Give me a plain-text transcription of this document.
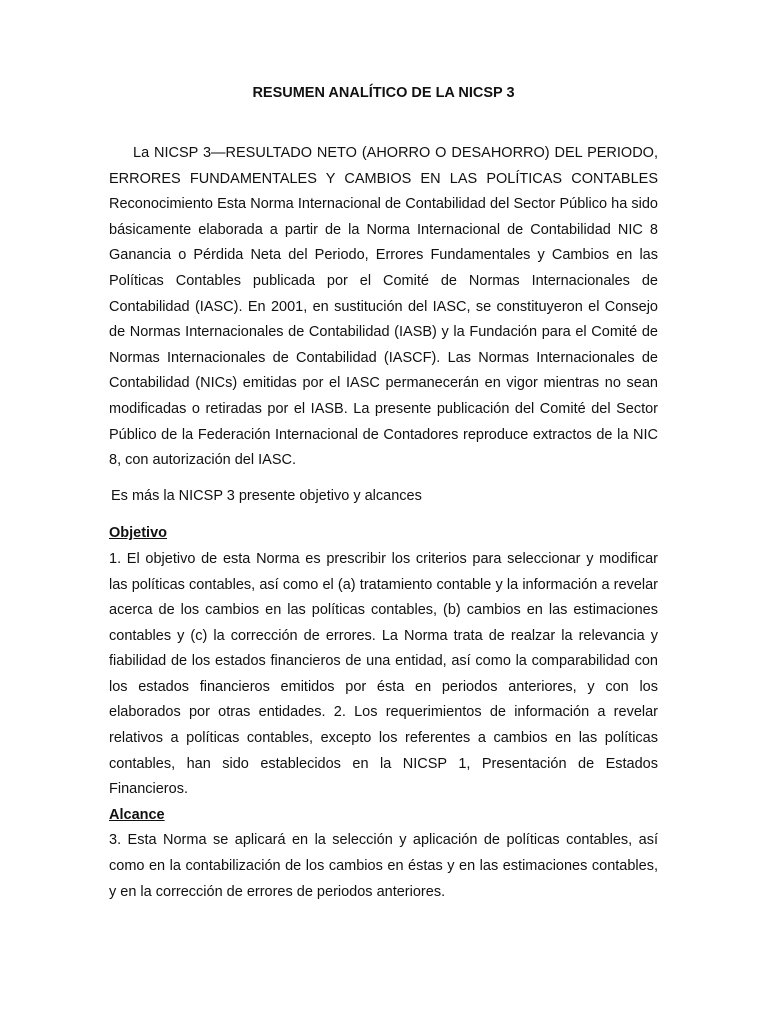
RESUMEN ANALÍTICO DE LA NICSP 3

La NICSP 3—RESULTADO NETO (AHORRO O DESAHORRO) DEL PERIODO, ERRORES FUNDAMENTALES Y CAMBIOS EN LAS POLÍTICAS CONTABLES Reconocimiento Esta Norma Internacional de Contabilidad del Sector Público ha sido básicamente elaborada a partir de la Norma Internacional de Contabilidad NIC 8 Ganancia o Pérdida Neta del Periodo, Errores Fundamentales y Cambios en las Políticas Contables publicada por el Comité de Normas Internacionales de Contabilidad (IASC). En 2001, en sustitución del IASC, se constituyeron el Consejo de Normas Internacionales de Contabilidad (IASB) y la Fundación para el Comité de Normas Internacionales de Contabilidad (IASCF). Las Normas Internacionales de Contabilidad (NICs) emitidas por el IASC permanecerán en vigor mientras no sean modificadas o retiradas por el IASB. La presente publicación del Comité del Sector Público de la Federación Internacional de Contadores reproduce extractos de la NIC 8, con autorización del IASC.

Es más la NICSP 3 presente objetivo y alcances

Objetivo

1. El objetivo de esta Norma es prescribir los criterios para seleccionar y modificar las políticas contables, así como el (a) tratamiento contable y la información a revelar acerca de los cambios en las políticas contables, (b) cambios en las estimaciones contables y (c) la corrección de errores. La Norma trata de realzar la relevancia y fiabilidad de los estados financieros de una entidad, así como la comparabilidad con los estados financieros emitidos por ésta en periodos anteriores, y con los elaborados por otras entidades. 2. Los requerimientos de información a revelar relativos a políticas contables, excepto los referentes a cambios en las políticas contables, han sido establecidos en la NICSP 1, Presentación de Estados Financieros.

Alcance

3. Esta Norma se aplicará en la selección y aplicación de políticas contables, así como en la contabilización de los cambios en éstas y en las estimaciones contables, y en la corrección de errores de periodos anteriores.
